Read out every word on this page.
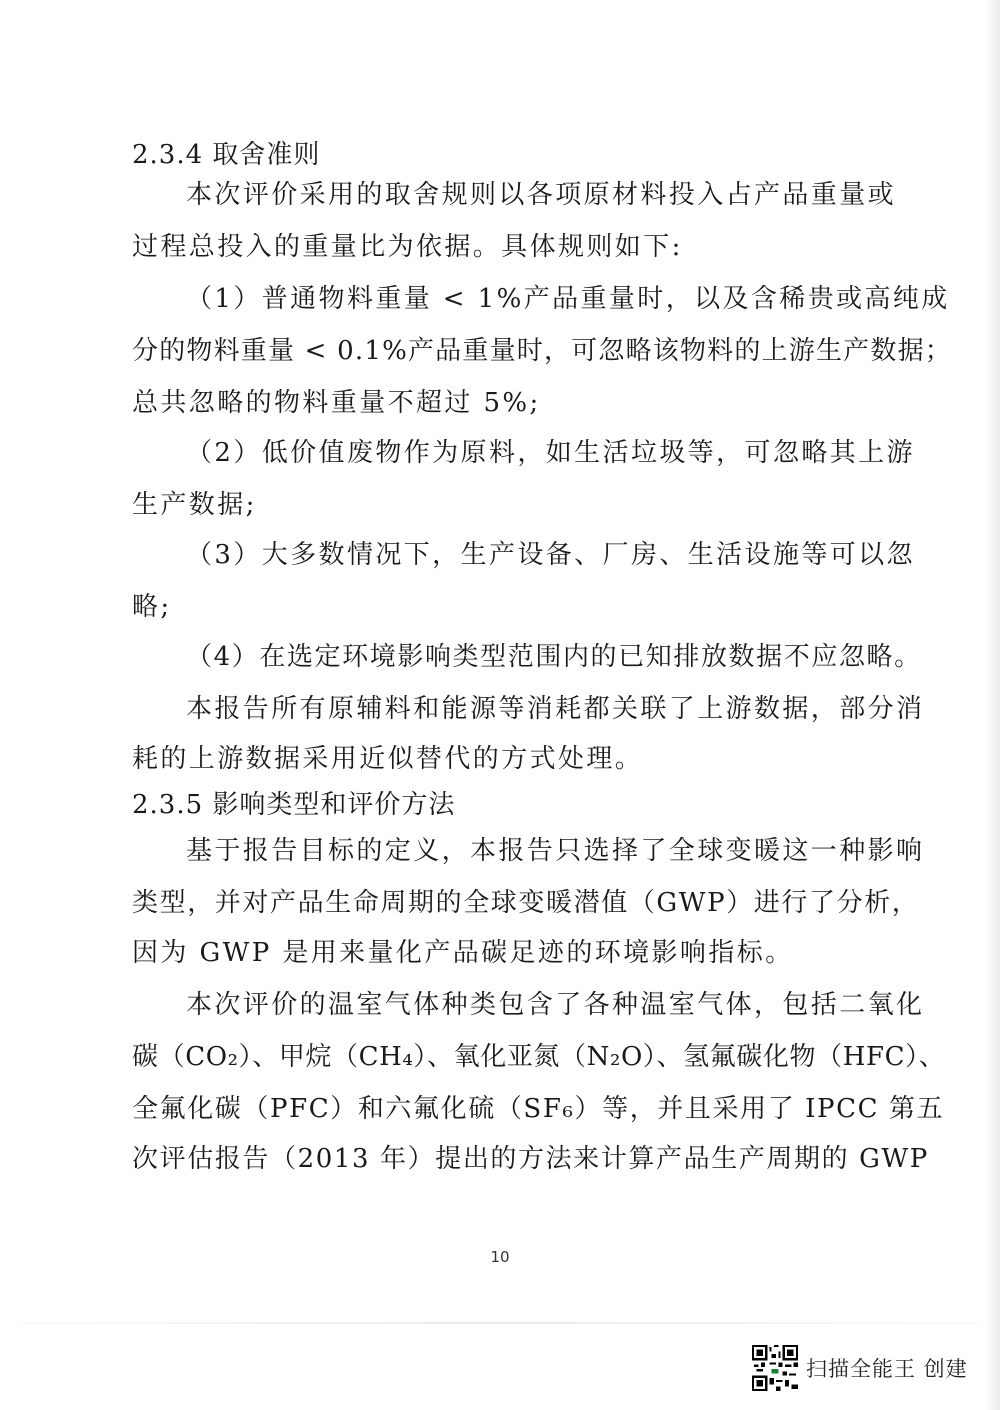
2.3.4 取舍准则
本次评价采用的取舍规则以各项原材料投入占产品重量或
过程总投入的重量比为依据。具体规则如下:
（1）普通物料重量 < 1%产品重量时，以及含稀贵或高纯成
分的物料重量 < 0.1%产品重量时，可忽略该物料的上游生产数据；
总共忽略的物料重量不超过 5%;
（2）低价值废物作为原料，如生活垃圾等，可忽略其上游
生产数据;
（3）大多数情况下，生产设备、厂房、生活设施等可以忽
略;
（4）在选定环境影响类型范围内的已知排放数据不应忽略。
本报告所有原辅料和能源等消耗都关联了上游数据，部分消
耗的上游数据采用近似替代的方式处理。
2.3.5 影响类型和评价方法
基于报告目标的定义，本报告只选择了全球变暖这一种影响
类型，并对产品生命周期的全球变暖潜值（GWP）进行了分析，
因为 GWP 是用来量化产品碳足迹的环境影响指标。
本次评价的温室气体种类包含了各种温室气体，包括二氧化
碳（CO₂）、甲烷（CH₄）、氧化亚氮（N₂O）、氢氟碳化物（HFC）、
全氟化碳（PFC）和六氟化硫（SF₆）等，并且采用了 IPCC 第五
次评估报告（2013 年）提出的方法来计算产品生产周期的 GWP
10
扫描全能王 创建
